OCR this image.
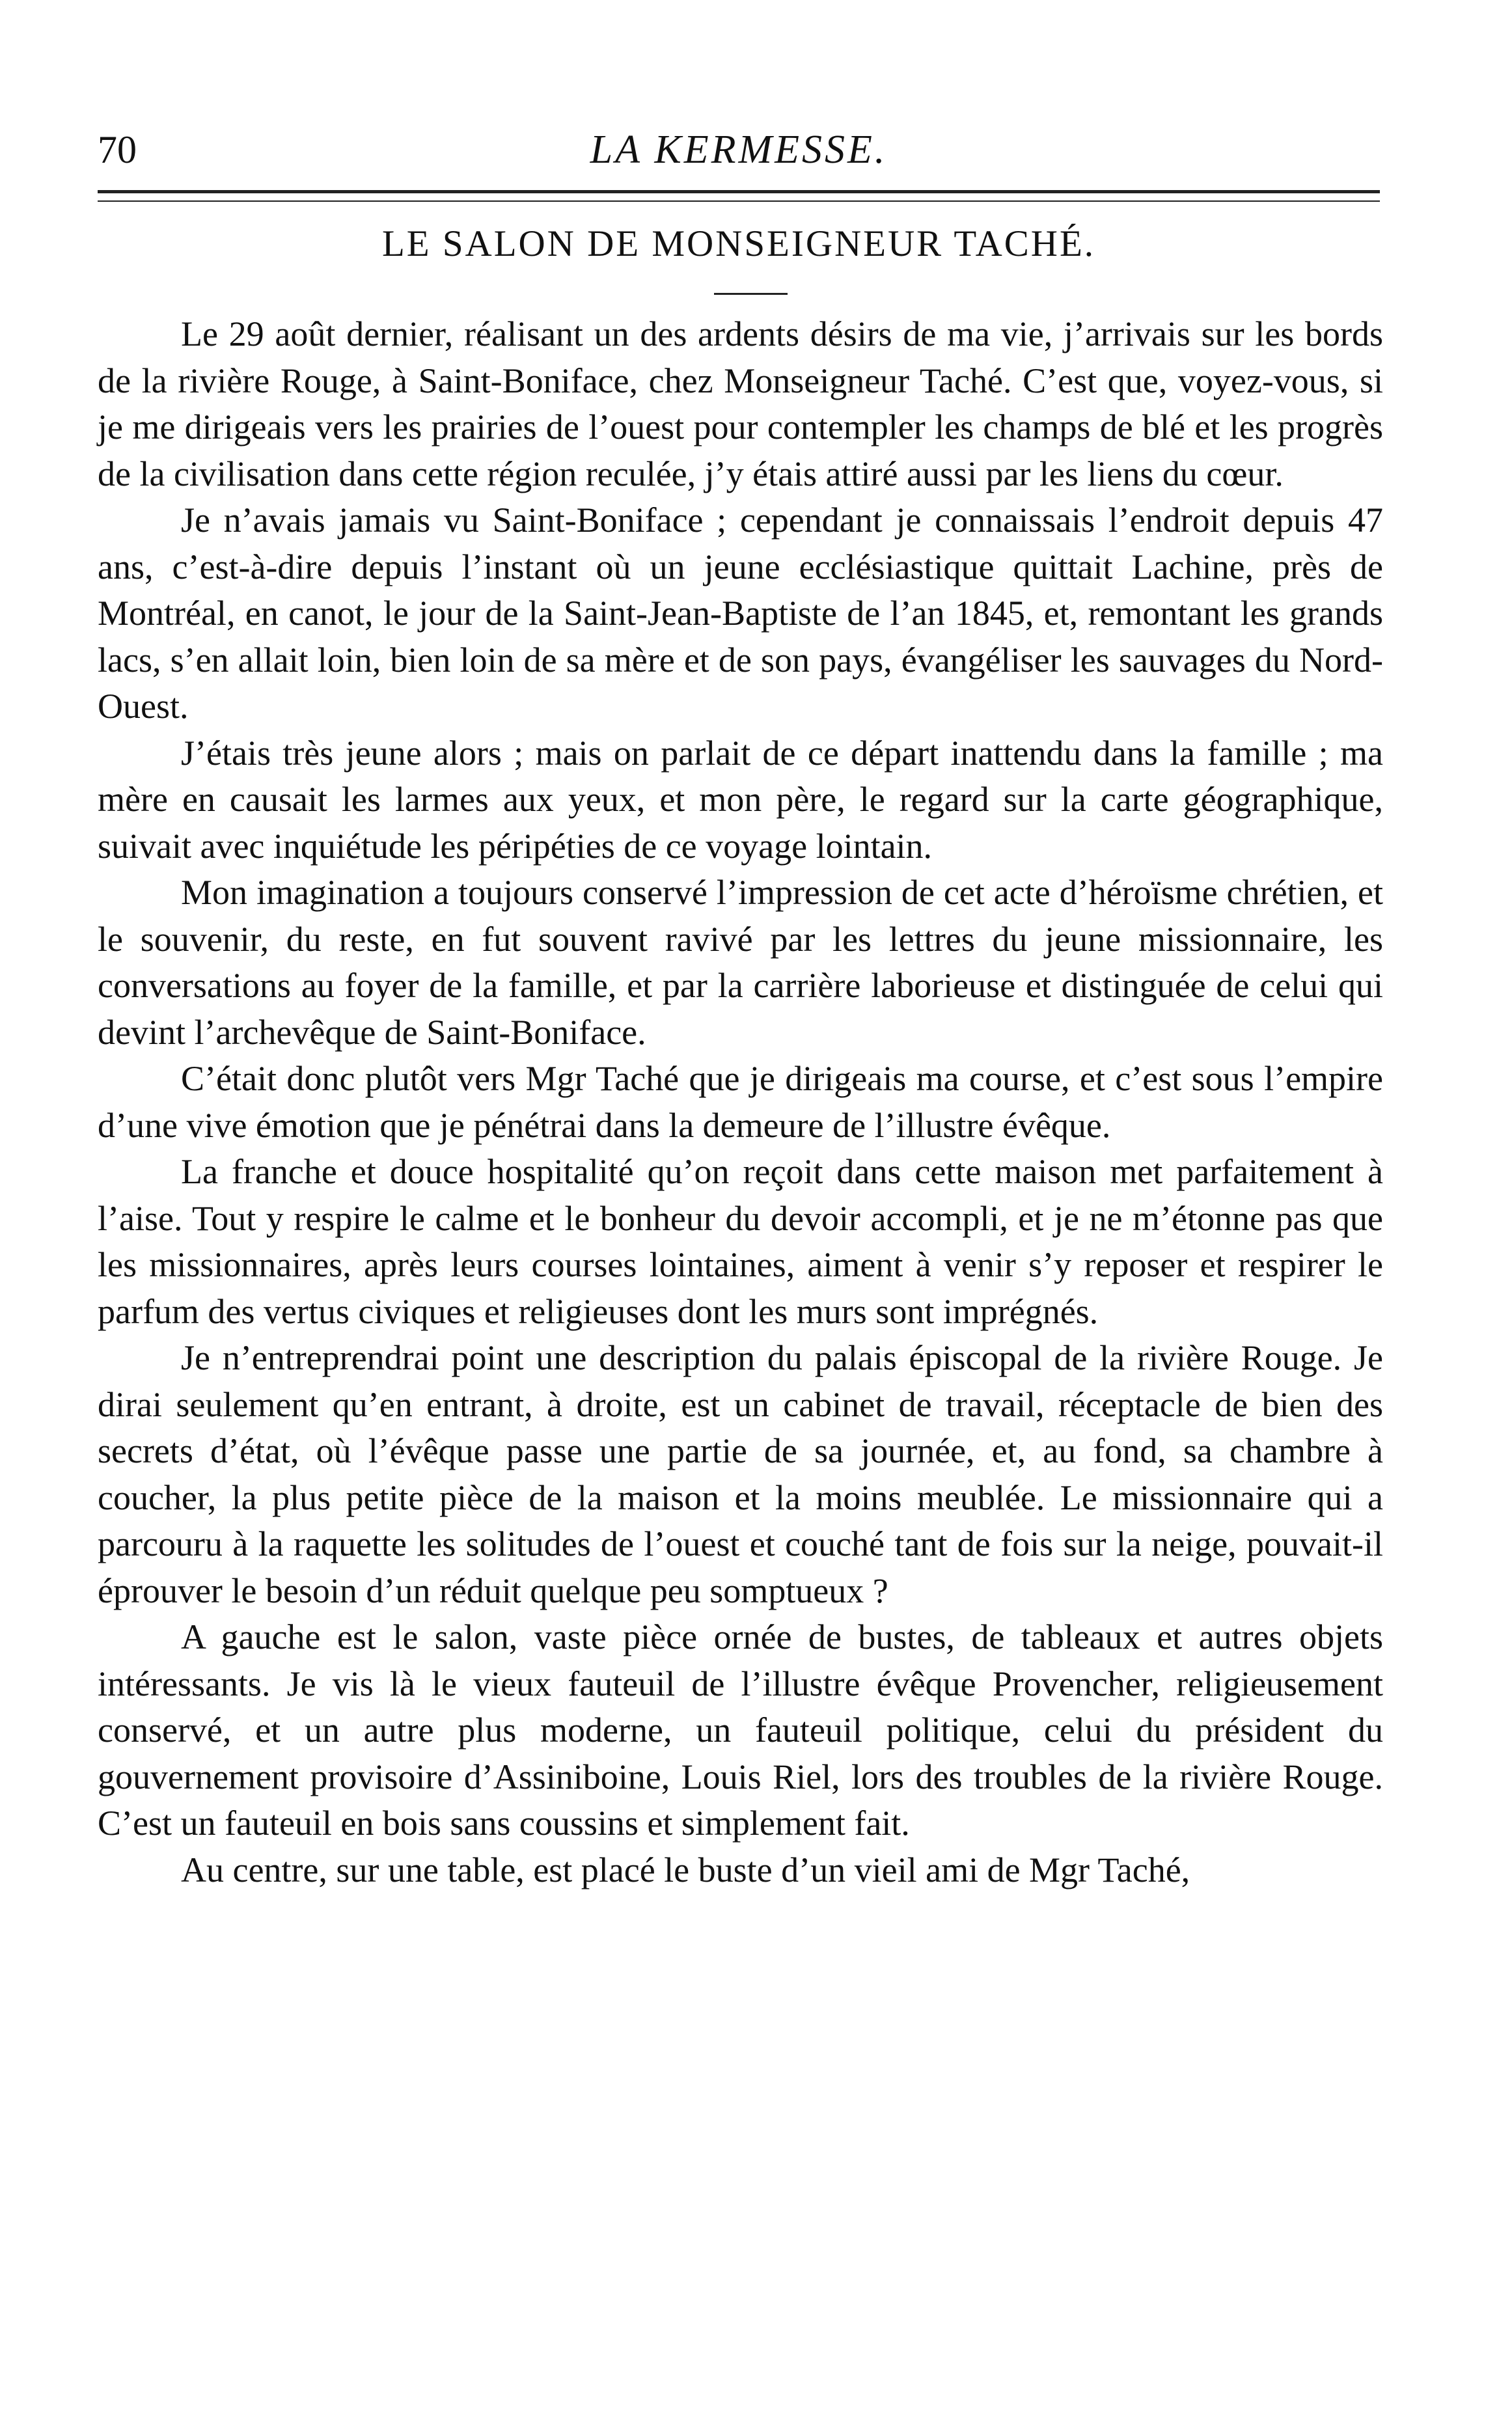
70	LA KERMESSE.
LE SALON DE MONSEIGNEUR TACHÉ.

Le 29 août dernier, réalisant un des ardents désirs de ma vie, j’arrivais sur les bords de la rivière Rouge, à Saint-Boniface, chez Monseigneur Taché. C’est que, voyez-vous, si je me dirigeais vers les prairies de l’ouest pour contempler les champs de blé et les progrès de la civilisation dans cette région reculée, j’y étais attiré aussi par les liens du cœur.

Je n’avais jamais vu Saint-Boniface ; cependant je connaissais l’endroit depuis 47 ans, c’est-à-dire depuis l’instant où un jeune ecclésiastique quittait Lachine, près de Montréal, en canot, le jour de la Saint-Jean-Baptiste de l’an 1845, et, remontant les grands lacs, s’en allait loin, bien loin de sa mère et de son pays, évangéliser les sauvages du Nord-Ouest.

J’étais très jeune alors ; mais on parlait de ce départ inattendu dans la famille ; ma mère en causait les larmes aux yeux, et mon père, le regard sur la carte géographique, suivait avec inquiétude les péripéties de ce voyage lointain.

Mon imagination a toujours conservé l’impression de cet acte d’héroïsme chrétien, et le souvenir, du reste, en fut souvent ravivé par les lettres du jeune missionnaire, les conversations au foyer de la famille, et par la carrière laborieuse et distinguée de celui qui devint l’archevêque de Saint-Boniface.

C’était donc plutôt vers Mgr Taché que je dirigeais ma course, et c’est sous l’empire d’une vive émotion que je pénétrai dans la demeure de l’illustre évêque.

La franche et douce hospitalité qu’on reçoit dans cette maison met parfaitement à l’aise. Tout y respire le calme et le bonheur du devoir accompli, et je ne m’étonne pas que les missionnaires, après leurs courses lointaines, aiment à venir s’y reposer et respirer le parfum des vertus civiques et religieuses dont les murs sont imprégnés.

Je n’entreprendrai point une description du palais épiscopal de la rivière Rouge. Je dirai seulement qu’en entrant, à droite, est un cabinet de travail, réceptacle de bien des secrets d’état, où l’évêque passe une partie de sa journée, et, au fond, sa chambre à coucher, la plus petite pièce de la maison et la moins meublée. Le missionnaire qui a parcouru à la raquette les solitudes de l’ouest et couché tant de fois sur la neige, pouvait-il éprouver le besoin d’un réduit quelque peu somptueux ?

A gauche est le salon, vaste pièce ornée de bustes, de tableaux et autres objets intéressants. Je vis là le vieux fauteuil de l’illustre évêque Provencher, religieusement conservé, et un autre plus moderne, un fauteuil politique, celui du président du gouvernement provisoire d’Assiniboine, Louis Riel, lors des troubles de la rivière Rouge. C’est un fauteuil en bois sans coussins et simplement fait.

Au centre, sur une table, est placé le buste d’un vieil ami de Mgr Taché,
